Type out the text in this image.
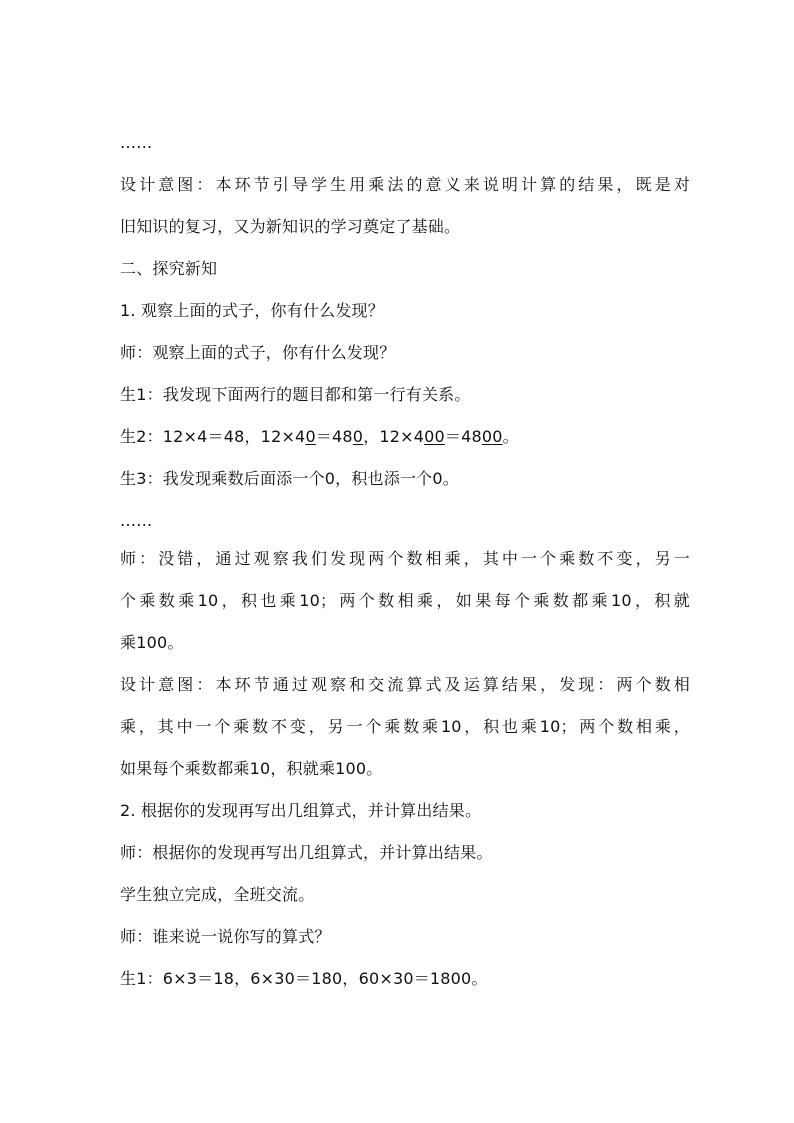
……
设计意图：本环节引导学生用乘法的意义来说明计算的结果，既是对
旧知识的复习，又为新知识的学习奠定了基础。
二、探究新知
1. 观察上面的式子，你有什么发现？
师：观察上面的式子，你有什么发现？
生1：我发现下面两行的题目都和第一行有关系。
生2：12×4＝48，12×40＝480，12×400＝4800。
生3：我发现乘数后面添一个0，积也添一个0。
……
师：没错，通过观察我们发现两个数相乘，其中一个乘数不变，另一
个乘数乘10，积也乘10；两个数相乘，如果每个乘数都乘10，积就
乘100。
设计意图：本环节通过观察和交流算式及运算结果，发现：两个数相
乘，其中一个乘数不变，另一个乘数乘10，积也乘10；两个数相乘，
如果每个乘数都乘10，积就乘100。
2. 根据你的发现再写出几组算式，并计算出结果。
师：根据你的发现再写出几组算式，并计算出结果。
学生独立完成，全班交流。
师：谁来说一说你写的算式？
生1：6×3＝18，6×30＝180，60×30＝1800。
